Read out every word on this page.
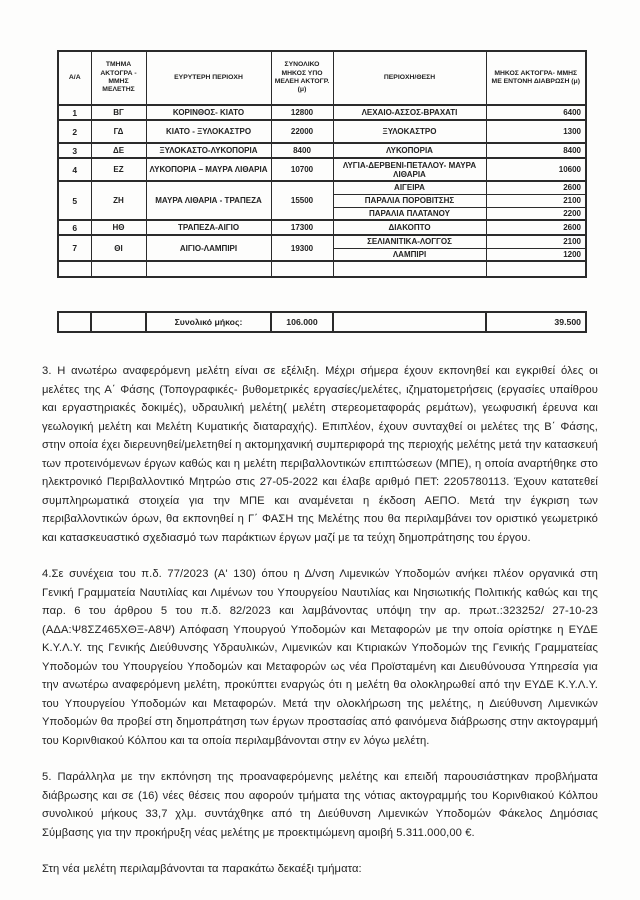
Α/Α	ΤΜΗΜΑ ΑΚΤΟΓΡΑ - ΜΜΗΣ ΜΕΛΕΤΗΣ	ΕΥΡΥΤΕΡΗ ΠΕΡΙΟΧΗ	ΣΥΝΟΛΙΚΟ ΜΗΚΟΣ ΥΠΟ ΜΕΛΕΗ ΑΚΤΟΓΡ. (μ)	ΠΕΡΙΟΧΗ/ΘΕΣΗ	ΜΗΚΟΣ ΑΚΤΟΓΡΑ- ΜΜΗΣ ΜΕ ΕΝΤΟΝΗ ΔΙΑΒΡΩΣΗ (μ)
1	ΒΓ	ΚΟΡΙΝΘΟΣ- ΚΙΑΤΟ	12800	ΛΕΧΑΙΟ-ΑΣΣΟΣ-ΒΡΑΧΑΤΙ	6400
2	ΓΔ	ΚΙΑΤΟ - ΞΥΛΟΚΑΣΤΡΟ	22000	ΞΥΛΟΚΑΣΤΡΟ	1300
3	ΔΕ	ΞΥΛΟΚΑΣΤΟ-ΛΥΚΟΠΟΡΙΑ	8400	ΛΥΚΟΠΟΡΙΑ	8400
4	ΕΖ	ΛΥΚΟΠΟΡΙΑ – ΜΑΥΡΑ ΛΙΘΑΡΙΑ	10700	ΛΥΓΙΑ-ΔΕΡΒΕΝΙ-ΠΕΤΑΛΟΥ- ΜΑΥΡΑ ΛΙΘΑΡΙΑ	10600
5	ΖΗ	ΜΑΥΡΑ ΛΙΘΑΡΙΑ - ΤΡΑΠΕΖΑ	15500	ΑΙΓΕΙΡΑ	2600
				ΠΑΡΑΛΙΑ ΠΟΡΟΒΙΤΣΗΣ	2100
				ΠΑΡΑΛΙΑ ΠΛΑΤΑΝΟΥ	2200
6	ΗΘ	ΤΡΑΠΕΖΑ-ΑΙΓΙΟ	17300	ΔΙΑΚΟΠΤΟ	2600
7	ΘΙ	ΑΙΓΙΟ-ΛΑΜΠΙΡΙ	19300	ΣΕΛΙΑΝΙΤΙΚΑ-ΛΟΓΓΟΣ	2100
				ΛΑΜΠΙΡΙ	1200

		Συνολικό μήκος:	106.000		39.500

3. Η ανωτέρω αναφερόμενη μελέτη είναι σε εξέλιξη. Μέχρι σήμερα έχουν εκπονηθεί και εγκριθεί όλες οι μελέτες της Α΄ Φάσης (Τοπογραφικές- βυθομετρικές εργασίες/μελέτες, ιζηματομετρήσεις (εργασίες υπαίθρου και εργαστηριακές δοκιμές), υδραυλική μελέτη( μελέτη στερεομεταφοράς ρεμάτων), γεωφυσική έρευνα και γεωλογική μελέτη και Μελέτη Κυματικής διαταραχής). Επιπλέον, έχουν συνταχθεί οι μελέτες της Β΄ Φάσης, στην οποία έχει διερευνηθεί/μελετηθεί η ακτομηχανική συμπεριφορά της περιοχής μελέτης μετά την κατασκευή των προτεινόμενων έργων καθώς και η μελέτη περιβαλλοντικών επιπτώσεων (ΜΠΕ), η οποία αναρτήθηκε στο ηλεκτρονικό Περιβαλλοντικό Μητρώο στις 27-05-2022 και έλαβε αριθμό ΠΕΤ: 2205780113. Έχουν κατατεθεί συμπληρωματικά στοιχεία για την ΜΠΕ και αναμένεται η έκδοση ΑΕΠΟ. Μετά την έγκριση των περιβαλλοντικών όρων, θα εκπονηθεί η Γ΄ ΦΑΣΗ της Μελέτης που θα περιλαμβάνει τον οριστικό γεωμετρικό και κατασκευαστικό σχεδιασμό των παράκτιων έργων μαζί με τα τεύχη δημοπράτησης του έργου.

4.Σε συνέχεια του π.δ. 77/2023 (Α' 130) όπου η Δ/νση Λιμενικών Υποδομών ανήκει πλέον οργανικά στη Γενική Γραμματεία Ναυτιλίας και Λιμένων του Υπουργείου Ναυτιλίας και Νησιωτικής Πολιτικής καθώς και της παρ. 6 του άρθρου 5 του π.δ. 82/2023 και λαμβάνοντας υπόψη την αρ. πρωτ.:323252/ 27-10-23 (ΑΔΑ:Ψ8ΣΖ465ΧΘΞ-Α8Ψ) Απόφαση Υπουργού Υποδομών και Μεταφορών με την οποία ορίστηκε η ΕΥΔΕ Κ.Υ.Λ.Υ. της Γενικής Διεύθυνσης Υδραυλικών, Λιμενικών και Κτιριακών Υποδομών της Γενικής Γραμματείας Υποδομών του Υπουργείου Υποδομών και Μεταφορών ως νέα Προϊσταμένη και Διευθύνουσα Υπηρεσία για την ανωτέρω αναφερόμενη μελέτη, προκύπτει εναργώς ότι η μελέτη θα ολοκληρωθεί από την ΕΥΔΕ Κ.Υ.Λ.Υ. του Υπουργείου Υποδομών και Μεταφορών. Μετά την ολοκλήρωση της μελέτης, η Διεύθυνση Λιμενικών Υποδομών θα προβεί στη δημοπράτηση των έργων προστασίας από φαινόμενα διάβρωσης στην ακτογραμμή του Κορινθιακού Κόλπου και τα οποία περιλαμβάνονται στην εν λόγω μελέτη.

5. Παράλληλα με την εκπόνηση της προαναφερόμενης μελέτης και επειδή παρουσιάστηκαν προβλήματα διάβρωσης και σε (16) νέες θέσεις που αφορούν τμήματα της νότιας ακτογραμμής του Κορινθιακού Κόλπου συνολικού μήκους 33,7 χλμ. συντάχθηκε από τη Διεύθυνση Λιμενικών Υποδομών Φάκελος Δημόσιας Σύμβασης για την προκήρυξη νέας μελέτης με προεκτιμώμενη αμοιβή 5.311.000,00 €.

Στη νέα μελέτη περιλαμβάνονται τα παρακάτω δεκαέξι τμήματα:
